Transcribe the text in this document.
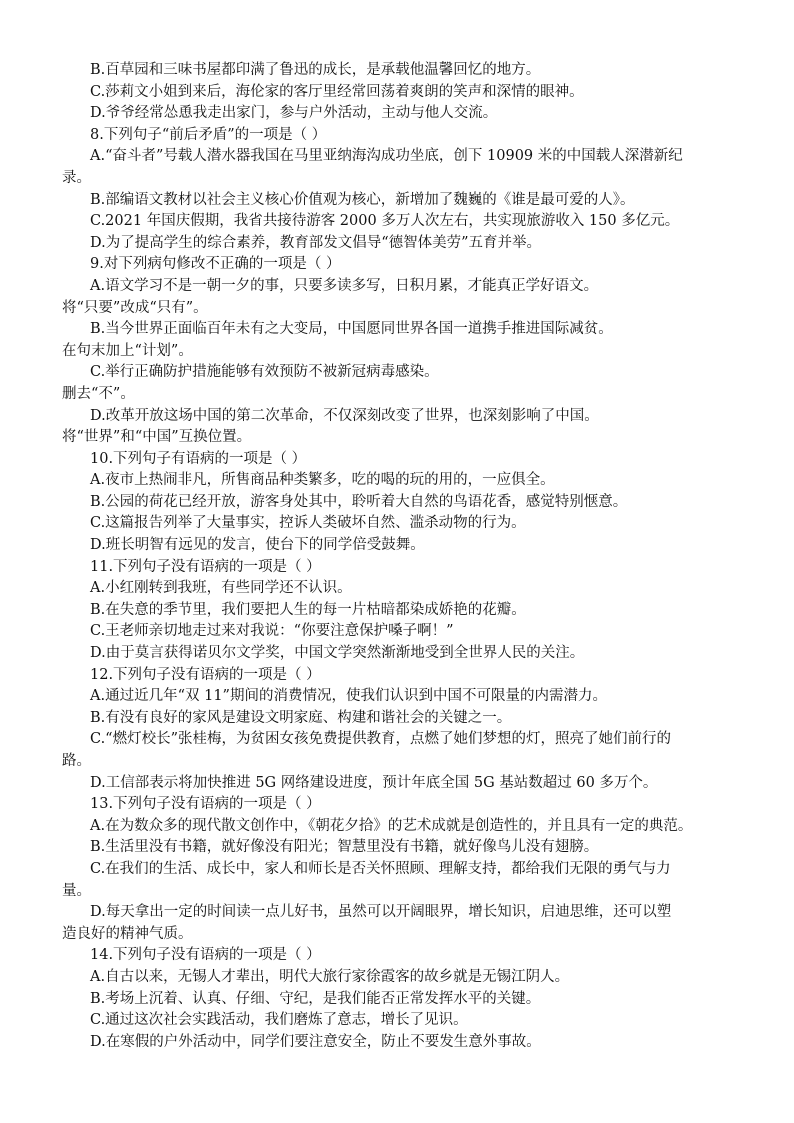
B.百草园和三味书屋都印满了鲁迅的成长，是承载他温馨回忆的地方。
C.莎莉文小姐到来后，海伦家的客厅里经常回荡着爽朗的笑声和深情的眼神。
D.爷爷经常怂恿我走出家门，参与户外活动，主动与他人交流。
8.下列句子“前后矛盾”的一项是（ ）
A.“奋斗者”号载人潜水器我国在马里亚纳海沟成功坐底，创下 10909 米的中国载人深潜新纪
录。
B.部编语文教材以社会主义核心价值观为核心，新增加了魏巍的《谁是最可爱的人》。
C.2021 年国庆假期，我省共接待游客 2000 多万人次左右，共实现旅游收入 150 多亿元。
D.为了提高学生的综合素养，教育部发文倡导“德智体美劳”五育并举。
9.对下列病句修改不正确的一项是（ ）
A.语文学习不是一朝一夕的事，只要多读多写，日积月累，才能真正学好语文。
将“只要”改成“只有”。
B.当今世界正面临百年未有之大变局，中国愿同世界各国一道携手推进国际减贫。
在句末加上“计划”。
C.举行正确防护措施能够有效预防不被新冠病毒感染。
删去“不”。
D.改革开放这场中国的第二次革命，不仅深刻改变了世界，也深刻影响了中国。
将“世界”和“中国”互换位置。
10.下列句子有语病的一项是（ ）
A.夜市上热闹非凡，所售商品种类繁多，吃的喝的玩的用的，一应俱全。
B.公园的荷花已经开放，游客身处其中，聆听着大自然的鸟语花香，感觉特别惬意。
C.这篇报告列举了大量事实，控诉人类破坏自然、滥杀动物的行为。
D.班长明智有远见的发言，使台下的同学倍受鼓舞。
11.下列句子没有语病的一项是（ ）
A.小红刚转到我班，有些同学还不认识。
B.在失意的季节里，我们要把人生的每一片枯暗都染成娇艳的花瓣。
C.王老师亲切地走过来对我说：“你要注意保护嗓子啊！”
D.由于莫言获得诺贝尔文学奖，中国文学突然渐渐地受到全世界人民的关注。
12.下列句子没有语病的一项是（ ）
A.通过近几年“双 11”期间的消费情况，使我们认识到中国不可限量的内需潜力。
B.有没有良好的家风是建设文明家庭、构建和谐社会的关键之一。
C.“燃灯校长”张桂梅，为贫困女孩免费提供教育，点燃了她们梦想的灯，照亮了她们前行的
路。
D.工信部表示将加快推进 5G 网络建设进度，预计年底全国 5G 基站数超过 60 多万个。
13.下列句子没有语病的一项是（ ）
A.在为数众多的现代散文创作中，《朝花夕拾》的艺术成就是创造性的，并且具有一定的典范。
B.生活里没有书籍，就好像没有阳光；智慧里没有书籍，就好像鸟儿没有翅膀。
C.在我们的生活、成长中，家人和师长是否关怀照顾、理解支持，都给我们无限的勇气与力
量。
D.每天拿出一定的时间读一点儿好书，虽然可以开阔眼界，增长知识，启迪思维，还可以塑
造良好的精神气质。
14.下列句子没有语病的一项是（ ）
A.自古以来，无锡人才辈出，明代大旅行家徐霞客的故乡就是无锡江阴人。
B.考场上沉着、认真、仔细、守纪，是我们能否正常发挥水平的关键。
C.通过这次社会实践活动，我们磨炼了意志，增长了见识。
D.在寒假的户外活动中，同学们要注意安全，防止不要发生意外事故。
